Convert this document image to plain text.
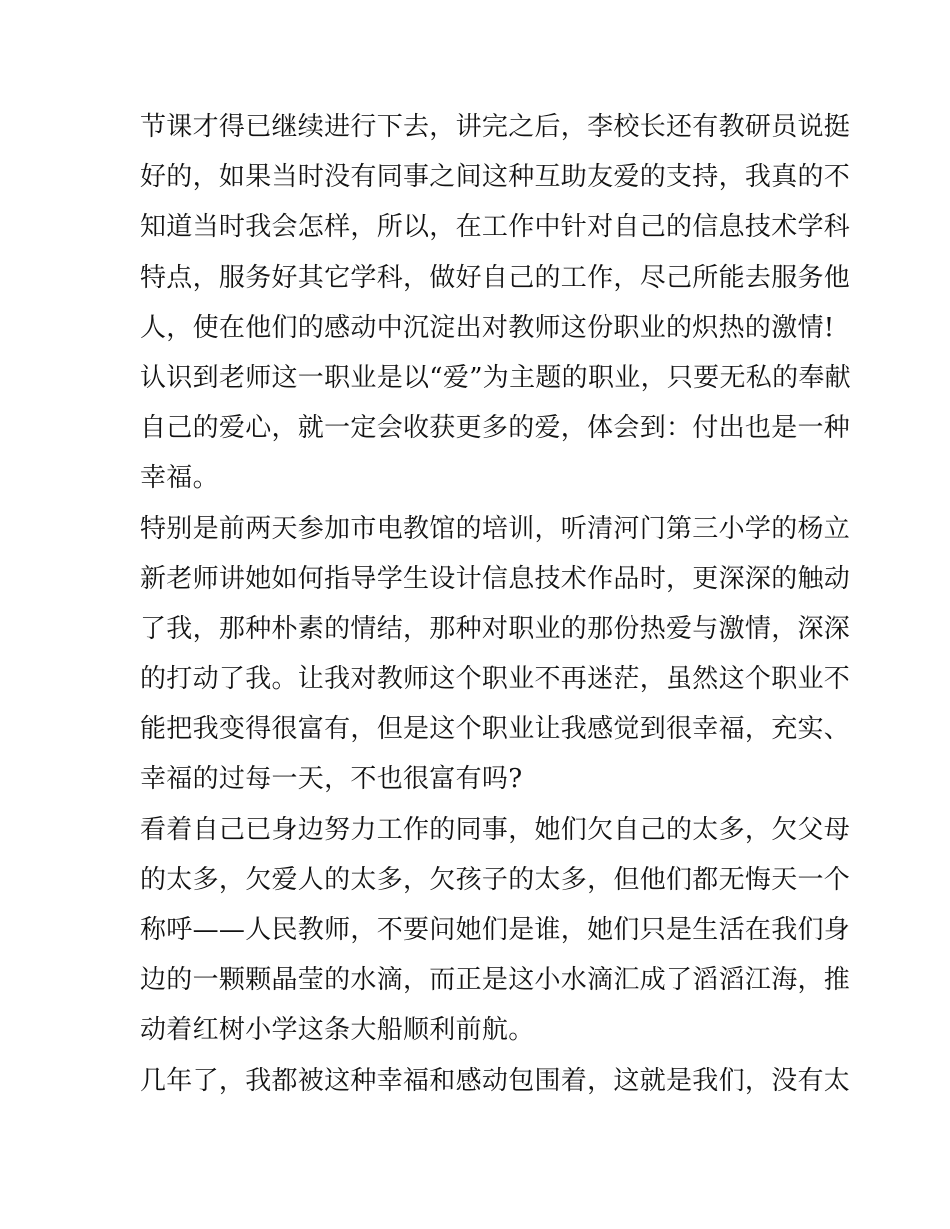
节课才得已继续进行下去，讲完之后，李校长还有教研员说挺
好的，如果当时没有同事之间这种互助友爱的支持，我真的不
知道当时我会怎样，所以，在工作中针对自己的信息技术学科
特点，服务好其它学科，做好自己的工作，尽己所能去服务他
人，使在他们的感动中沉淀出对教师这份职业的炽热的激情!
认识到老师这一职业是以“爱”为主题的职业，只要无私的奉献
自己的爱心，就一定会收获更多的爱，体会到：付出也是一种
幸福。
特别是前两天参加市电教馆的培训，听清河门第三小学的杨立
新老师讲她如何指导学生设计信息技术作品时，更深深的触动
了我，那种朴素的情结，那种对职业的那份热爱与激情，深深
的打动了我。让我对教师这个职业不再迷茫，虽然这个职业不
能把我变得很富有，但是这个职业让我感觉到很幸福，充实、
幸福的过每一天，不也很富有吗?
看着自己已身边努力工作的同事，她们欠自己的太多，欠父母
的太多，欠爱人的太多，欠孩子的太多，但他们都无悔天一个
称呼——人民教师，不要问她们是谁，她们只是生活在我们身
边的一颗颗晶莹的水滴，而正是这小水滴汇成了滔滔江海，推
动着红树小学这条大船顺利前航。
几年了，我都被这种幸福和感动包围着，这就是我们，没有太
